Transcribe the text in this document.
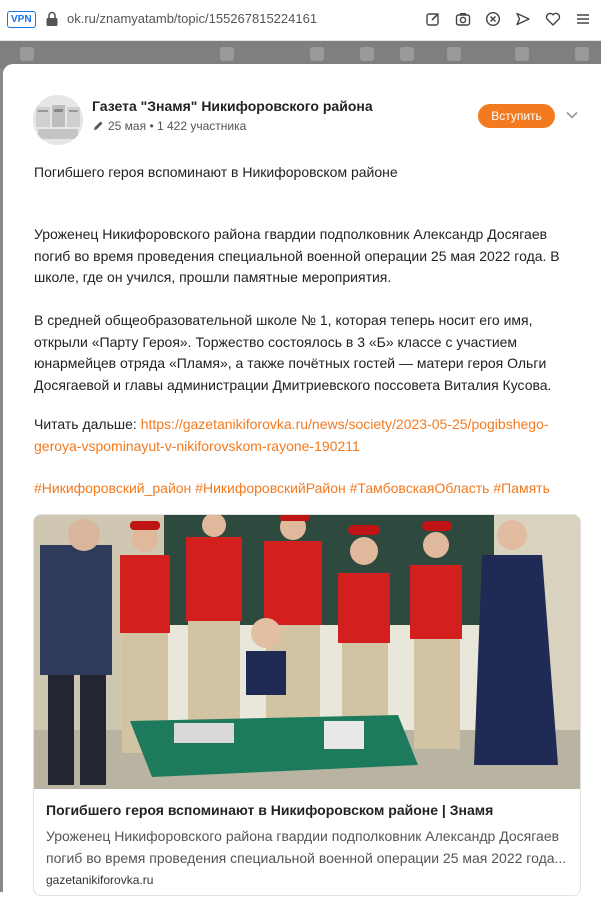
VPN	ok.ru/znamyatamb/topic/155267815224161
Газета "Знамя" Никифоровского района
25 мая • 1 422 участника
Вступить
Погибшего героя вспоминают в Никифоровском районе
Уроженец Никифоровского района гвардии подполковник Александр Досягаев
погиб во время проведения специальной военной операции 25 мая 2022 года. В
школе, где он учился, прошли памятные мероприятия.
В средней общеобразовательной школе № 1, которая теперь носит его имя,
открыли «Парту Героя». Торжество состоялось в 3 «Б» классе с участием
юнармейцев отряда «Пламя», а также почётных гостей — матери героя Ольги
Досягаевой и главы администрации Дмитриевского поссовета Виталия Кусова.
Читать дальше: https://gazetanikiforovka.ru/news/society/2023-05-25/pogibshego-
geroya-vspominayut-v-nikiforovskom-rayone-190211
#Никифоровский_район #НикифоровскийРайон #ТамбовскаяОбласть #Память
Погибшего героя вспоминают в Никифоровском районе | Знамя
Уроженец Никифоровского района гвардии подполковник Александр Досягаев
погиб во время проведения специальной военной операции 25 мая 2022 года...
gazetanikiforovka.ru
